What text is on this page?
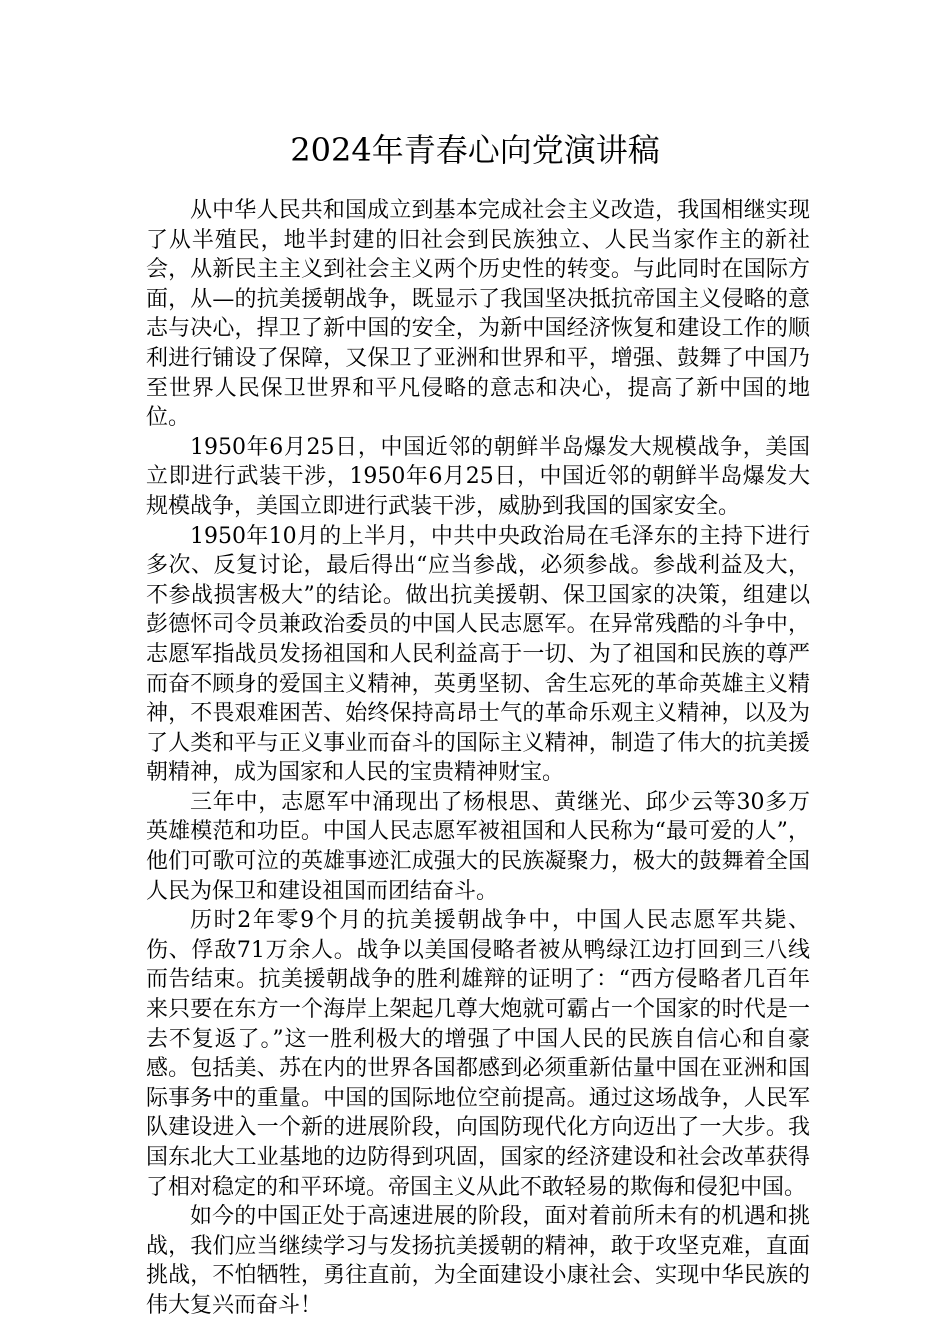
2024年青春心向党演讲稿

从中华人民共和国成立到基本完成社会主义改造，我国相继实现了从半殖民，地半封建的旧社会到民族独立、人民当家作主的新社会，从新民主主义到社会主义两个历史性的转变。与此同时在国际方面，从—的抗美援朝战争，既显示了我国坚决抵抗帝国主义侵略的意志与决心，捍卫了新中国的安全，为新中国经济恢复和建设工作的顺利进行铺设了保障，又保卫了亚洲和世界和平，增强、鼓舞了中国乃至世界人民保卫世界和平凡侵略的意志和决心，提高了新中国的地位。

1950年6月25日，中国近邻的朝鲜半岛爆发大规模战争，美国立即进行武装干涉，1950年6月25日，中国近邻的朝鲜半岛爆发大规模战争，美国立即进行武装干涉，威胁到我国的国家安全。

1950年10月的上半月，中共中央政治局在毛泽东的主持下进行多次、反复讨论，最后得出“应当参战，必须参战。参战利益及大，不参战损害极大”的结论。做出抗美援朝、保卫国家的决策，组建以彭德怀司令员兼政治委员的中国人民志愿军。在异常残酷的斗争中，志愿军指战员发扬祖国和人民利益高于一切、为了祖国和民族的尊严而奋不顾身的爱国主义精神，英勇坚韧、舍生忘死的革命英雄主义精神，不畏艰难困苦、始终保持高昂士气的革命乐观主义精神，以及为了人类和平与正义事业而奋斗的国际主义精神，制造了伟大的抗美援朝精神，成为国家和人民的宝贵精神财宝。

三年中，志愿军中涌现出了杨根思、黄继光、邱少云等30多万英雄模范和功臣。中国人民志愿军被祖国和人民称为“最可爱的人”，他们可歌可泣的英雄事迹汇成强大的民族凝聚力，极大的鼓舞着全国人民为保卫和建设祖国而团结奋斗。

历时2年零9个月的抗美援朝战争中，中国人民志愿军共毙、伤、俘敌71万余人。战争以美国侵略者被从鸭绿江边打回到三八线而告结束。抗美援朝战争的胜利雄辩的证明了：“西方侵略者几百年来只要在东方一个海岸上架起几尊大炮就可霸占一个国家的时代是一去不复返了。”这一胜利极大的增强了中国人民的民族自信心和自豪感。包括美、苏在内的世界各国都感到必须重新估量中国在亚洲和国际事务中的重量。中国的国际地位空前提高。通过这场战争，人民军队建设进入一个新的进展阶段，向国防现代化方向迈出了一大步。我国东北大工业基地的边防得到巩固，国家的经济建设和社会改革获得了相对稳定的和平环境。帝国主义从此不敢轻易的欺侮和侵犯中国。

如今的中国正处于高速进展的阶段，面对着前所未有的机遇和挑战，我们应当继续学习与发扬抗美援朝的精神，敢于攻坚克难，直面挑战，不怕牺牲，勇往直前，为全面建设小康社会、实现中华民族的伟大复兴而奋斗！
